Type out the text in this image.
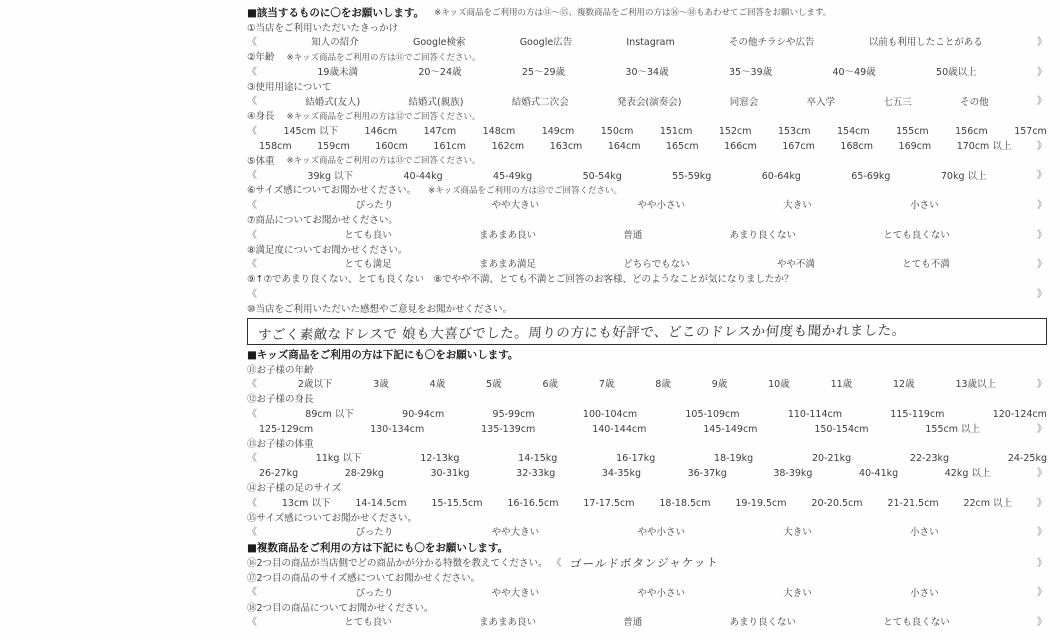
■該当するものに〇をお願いします。 ※キッズ商品をご利用の方は⑪〜⑮、複数商品をご利用の方は⑯〜⑱もあわせてご回答をお願いします。
①当店をご利用いただいたきっかけ
《	知人の紹介	Google検索	Google広告	Instagram	その他チラシや広告	以前も利用したことがある	》
②年齢 ※キッズ商品をご利用の方は⑪でご回答ください。
《	19歳未満	20〜24歳	25〜29歳	30〜34歳	35〜39歳	40〜49歳	50歳以上	》
③使用用途について
《	結婚式(友人)	結婚式(親族)	結婚式二次会	発表会(演奏会)	同窓会	卒入学	七五三	その他	》
④身長 ※キッズ商品をご利用の方は⑫でご回答ください。
《	145cm 以下	146cm	147cm	148cm	149cm	150cm	151cm	152cm	153cm	154cm	155cm	156cm	157cm
158cm	159cm	160cm	161cm	162cm	163cm	164cm	165cm	166cm	167cm	168cm	169cm	170cm 以上	》
⑤体重 ※キッズ商品をご利用の方は⑬でご回答ください。
《	39kg 以下	40-44kg	45-49kg	50-54kg	55-59kg	60-64kg	65-69kg	70kg 以上	》
⑥サイズ感についてお聞かせください。 ※キッズ商品をご利用の方は⑮でご回答ください。
《	ぴったり	やや大きい	やや小さい	大きい	小さい	》
⑦商品についてお聞かせください。
《	とても良い	まあまあ良い	普通	あまり良くない	とても良くない	》
⑧満足度についてお聞かせください。
《	とても満足	まあまあ満足	どちらでもない	やや不満	とても不満	》
⑨↑⑦であまり良くない、とても良くない　⑧でやや不満、とても不満とご回答のお客様、どのようなことが気になりましたか？
《	》
⑩当店をご利用いただいた感想やご意見をお聞かせください。
すごく素敵なドレスで 娘も大喜びでした。周りの方にも好評で、どこのドレスか何度も聞かれました。
■キッズ商品をご利用の方は下記にも〇をお願いします。
⑪お子様の年齢
《	2歳以下	3歳	4歳	5歳	6歳	7歳	8歳	9歳	10歳	11歳	12歳	13歳以上	》
⑫お子様の身長
《	89cm 以下	90-94cm	95-99cm	100-104cm	105-109cm	110-114cm	115-119cm	120-124cm
125-129cm	130-134cm	135-139cm	140-144cm	145-149cm	150-154cm	155cm 以上	》
⑬お子様の体重
《	11kg 以下	12-13kg	14-15kg	16-17kg	18-19kg	20-21kg	22-23kg	24-25kg
26-27kg	28-29kg	30-31kg	32-33kg	34-35kg	36-37kg	38-39kg	40-41kg	42kg 以上	》
⑭お子様の足のサイズ
《	13cm 以下	14-14.5cm	15-15.5cm	16-16.5cm	17-17.5cm	18-18.5cm	19-19.5cm	20-20.5cm	21-21.5cm	22cm 以上 》
⑮サイズ感についてお聞かせください。
《	ぴったり	やや大きい	やや小さい	大きい	小さい	》
■複数商品をご利用の方は下記にも〇をお願いします。
⑯2つ目の商品が当店側でどの商品かが分かる特徴を教えてください。 《 ゴールドボタンジャケット	》
⑰2つ目の商品のサイズ感についてお聞かせください。
《	ぴったり	やや大きい	やや小さい	大きい	小さい	》
⑱2つ目の商品についてお聞かせください。
《	とても良い	まあまあ良い	普通	あまり良くない	とても良くない	》
